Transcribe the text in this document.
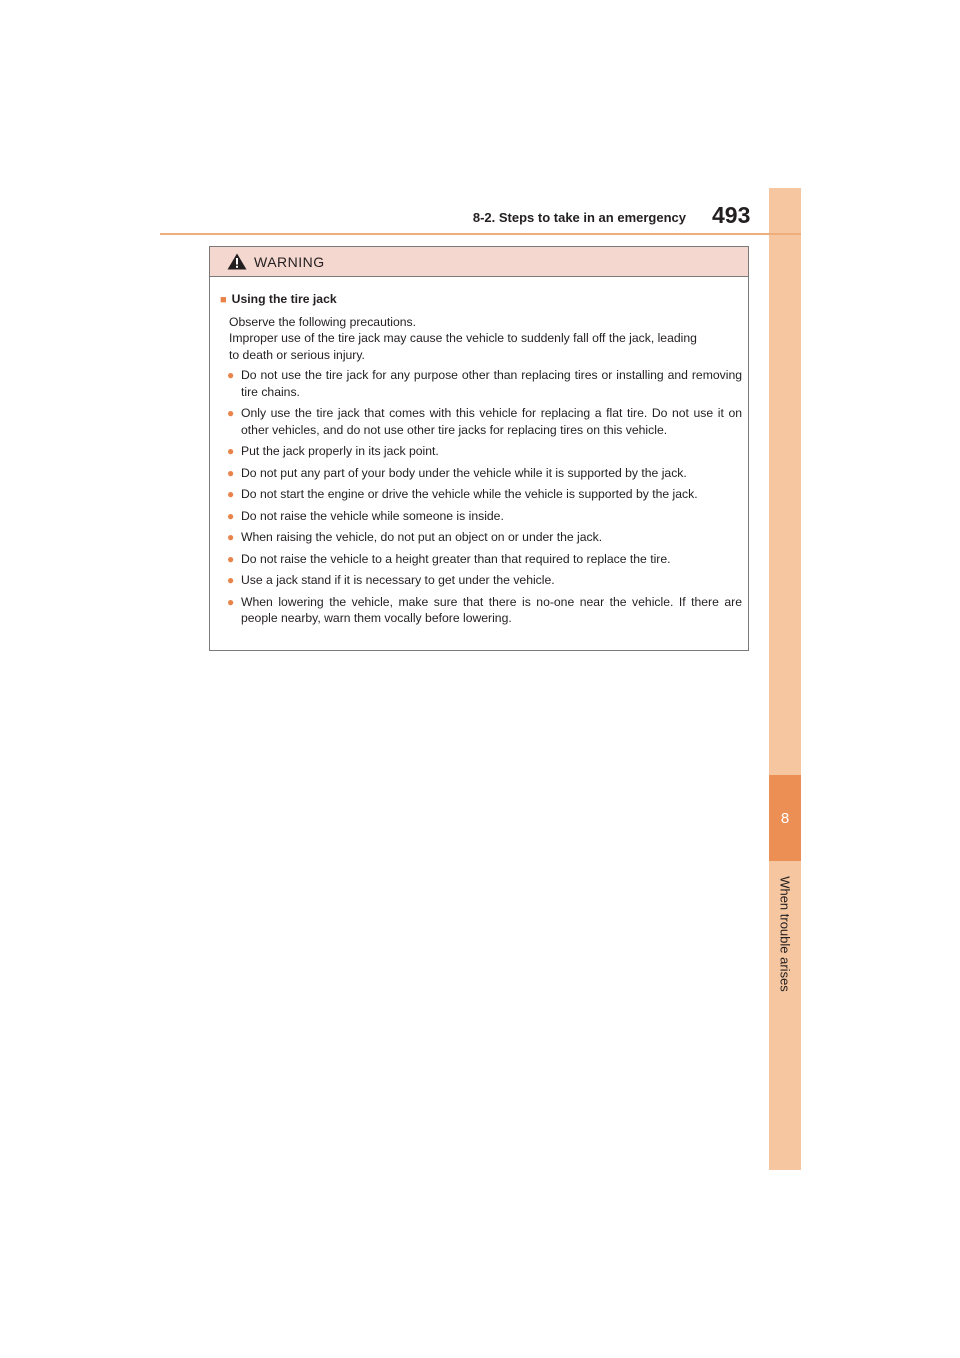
8
When trouble arises
8-2. Steps to take in an emergency 493
WARNING
■ Using the tire jack
Observe the following precautions.
Improper use of the tire jack may cause the vehicle to suddenly fall off the jack, leading
to death or serious injury.
● Do not use the tire jack for any purpose other than replacing tires or installing and removing tire chains.
● Only use the tire jack that comes with this vehicle for replacing a flat tire. Do not use it on other vehicles, and do not use other tire jacks for replacing tires on this vehicle.
● Put the jack properly in its jack point.
● Do not put any part of your body under the vehicle while it is supported by the jack.
● Do not start the engine or drive the vehicle while the vehicle is supported by the jack.
● Do not raise the vehicle while someone is inside.
● When raising the vehicle, do not put an object on or under the jack.
● Do not raise the vehicle to a height greater than that required to replace the tire.
● Use a jack stand if it is necessary to get under the vehicle.
● When lowering the vehicle, make sure that there is no-one near the vehicle. If there are people nearby, warn them vocally before lowering.
